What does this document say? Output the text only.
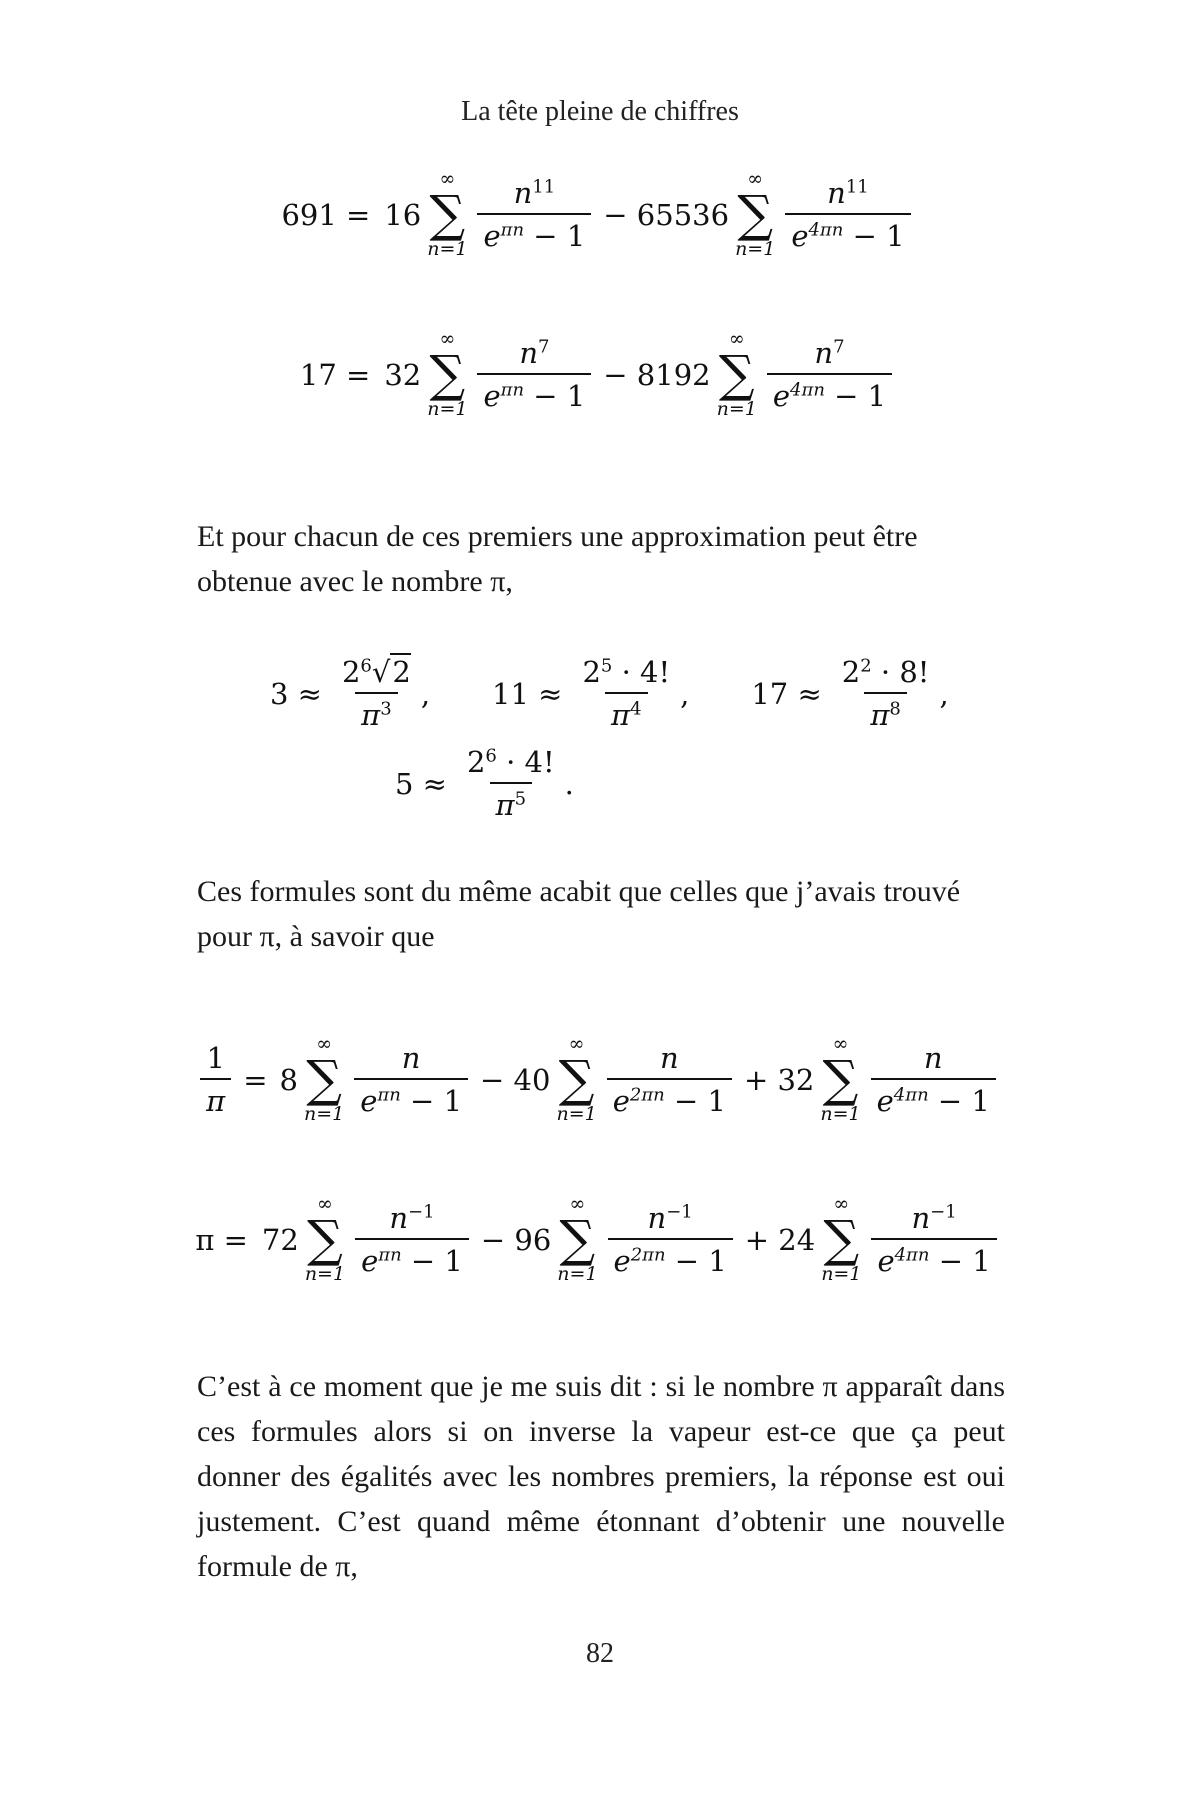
La tête pleine de chiffres
691 = 16
∞
∑
$n=1 \frac{n^{11}}{e^{\pi n} - 1} - 65536$
∞
∑
$n=1 \frac{n^{11}}{e^{4\pi n} - 1}$
17 = 32
∞
∑
$n=1 \frac{n^7}{e^{\pi n} - 1} - 8192$
∞
∑
$n=1 \frac{n^7}{e^{4\pi n} - 1}$
Et pour chacun de ces premiers une approximation peut être obtenue avec le nombre π,
$3 \approx \frac{2^6√2}{\pi^3}$ , $11 \approx \frac{2^5 \cdot 4!}{\pi^4}$ , $17 \approx \frac{2^2 \cdot 8!}{\pi^8}$ ,
$5 \approx \frac{2^6 \cdot 4!}{\pi^5}$ .
Ces formules sont du même acabit que celles que j’avais trouvé pour π, à savoir que
$\frac{1}{\pi} = 8$
∞
∑
$n=1 \frac{n}{e^{\pi n} - 1} - 40$
∞
∑
$n=1 \frac{n}{e^{2\pi n} - 1} + 32$
∞
∑
$n=1 \frac{n}{e^{4\pi n} - 1}$
π = 72
∞
∑
$n=1 \frac{n^{-1}}{e^{\pi n} - 1} - 96$
∞
∑
$n=1 \frac{n^{-1}}{e^{2\pi n} - 1} + 24$
∞
∑
$n=1 \frac{n^{-1}}{e^{4\pi n} - 1}$
C’est à ce moment que je me suis dit : si le nombre π apparaît dans ces formules alors si on inverse la vapeur est-ce que ça peut donner des égalités avec les nombres premiers, la réponse est oui justement. C’est quand même étonnant d’obtenir une nouvelle formule de π,
82
